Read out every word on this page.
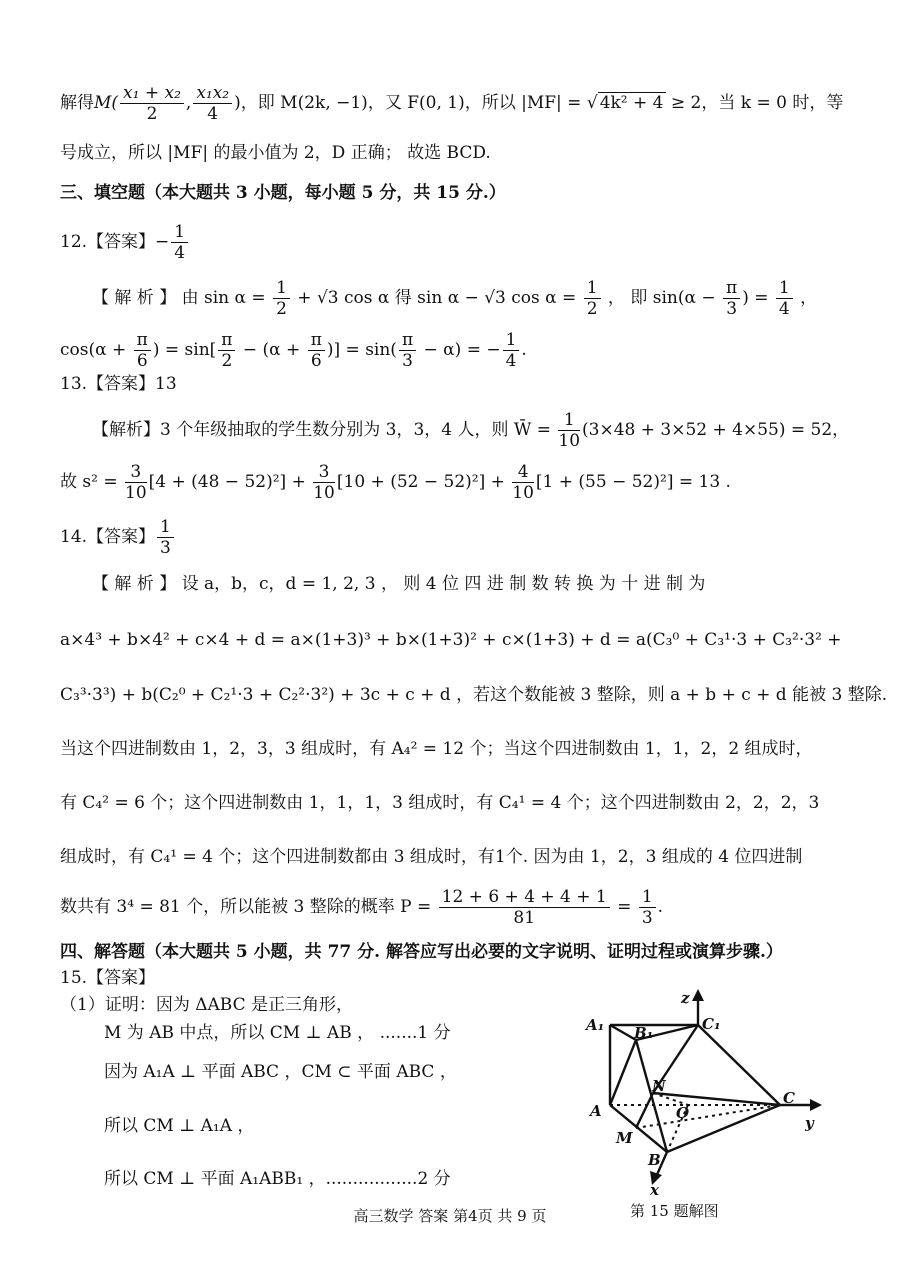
解得$M( \frac{\text{x₁ + x₂}}{2}$ , $\frac{\text{x₁x₂}}{4}$ )，即 M(2k, −1)，又 F(0, 1)，所以 |MF| = √ 4k² + 4 ≥ 2，当 k = 0 时，等
号成立，所以 |MF| 的最小值为 2，D 正确； 故选 BCD.
三、填空题（本大题共 3 小题，每小题 5 分，共 15 分.）
12.【答案】− $\frac{1}{4}$
【 解 析 】 由 $\sin \alpha = \frac{1}{2} + √3$ cos α 得 sin α − √3 $\cos \alpha = \frac{1}{2}$ ， 即 $\sin(\alpha - \frac{\pi}{3}$ ) = $\frac{1}{4}$ ，
$\cos(\alpha + \frac{\pi}{6}$ ) = $\sin[ \frac{\pi}{2} - (\alpha + \frac{\pi}{6}$ )] = $\sin( \frac{\pi}{3} - \alpha)$ = − $\frac{1}{4}$ .
13.【答案】13
【解析】3 个年级抽取的学生数分别为 3，3，4 人，则 W̄ = $\frac{1}{10} (3\times 48 + 3\times 52 + 4\times 55) = 52$，
故 $s^2 = \frac{3}{10} [4 + (48 - 52)^2] + \frac{3}{10} [10 + (52 - 52)^2] + \frac{4}{10} [1 + (55 - 52)^2] = 13$ .
14.【答案】 $\frac{1}{3}$
【 解 析 】 设 a，b，c，d = 1, 2, 3 ， 则 4 位 四 进 制 数 转 换 为 十 进 制 为
a×4³ + b×4² + c×4 + d = a×(1+3)³ + b×(1+3)² + c×(1+3) + d = a(C₃⁰ + C₃¹·3 + C₃²·3² +
C₃³·3³) + b(C₂⁰ + C₂¹·3 + C₂²·3²) + 3c + c + d ，若这个数能被 3 整除，则 a + b + c + d 能被 3 整除.
当这个四进制数由 1，2，3，3 组成时，有 A₄² = 12 个；当这个四进制数由 1，1，2，2 组成时，
有 C₄² = 6 个；这个四进制数由 1，1，1，3 组成时，有 C₄¹ = 4 个；这个四进制数由 2，2，2，3
组成时，有 C₄¹ = 4 个；这个四进制数都由 3 组成时，有1个. 因为由 1，2，3 组成的 4 位四进制
数共有 3⁴ = 81 个，所以能被 3 整除的概率 $P = \frac{12 + 6 + 4 + 4 + 1}{81} = \frac{1}{3}$ .
四、解答题（本大题共 5 小题，共 77 分. 解答应写出必要的文字说明、证明过程或演算步骤.）
15.【答案】
（1）证明：因为 ΔABC 是正三角形，
M 为 AB 中点，所以 CM ⊥ AB ， .......1 分
因为 A₁A ⊥ 平面 ABC ，CM ⊂ 平面 ABC ，
所以 CM ⊥ A₁A ，
所以 CM ⊥ 平面 A₁ABB₁ ，.................2 分
z
A₁ B₁	C₁
N
A	O
C
y
M
B
x
第 15 题解图
高三数学 答案 第4页 共 9 页
